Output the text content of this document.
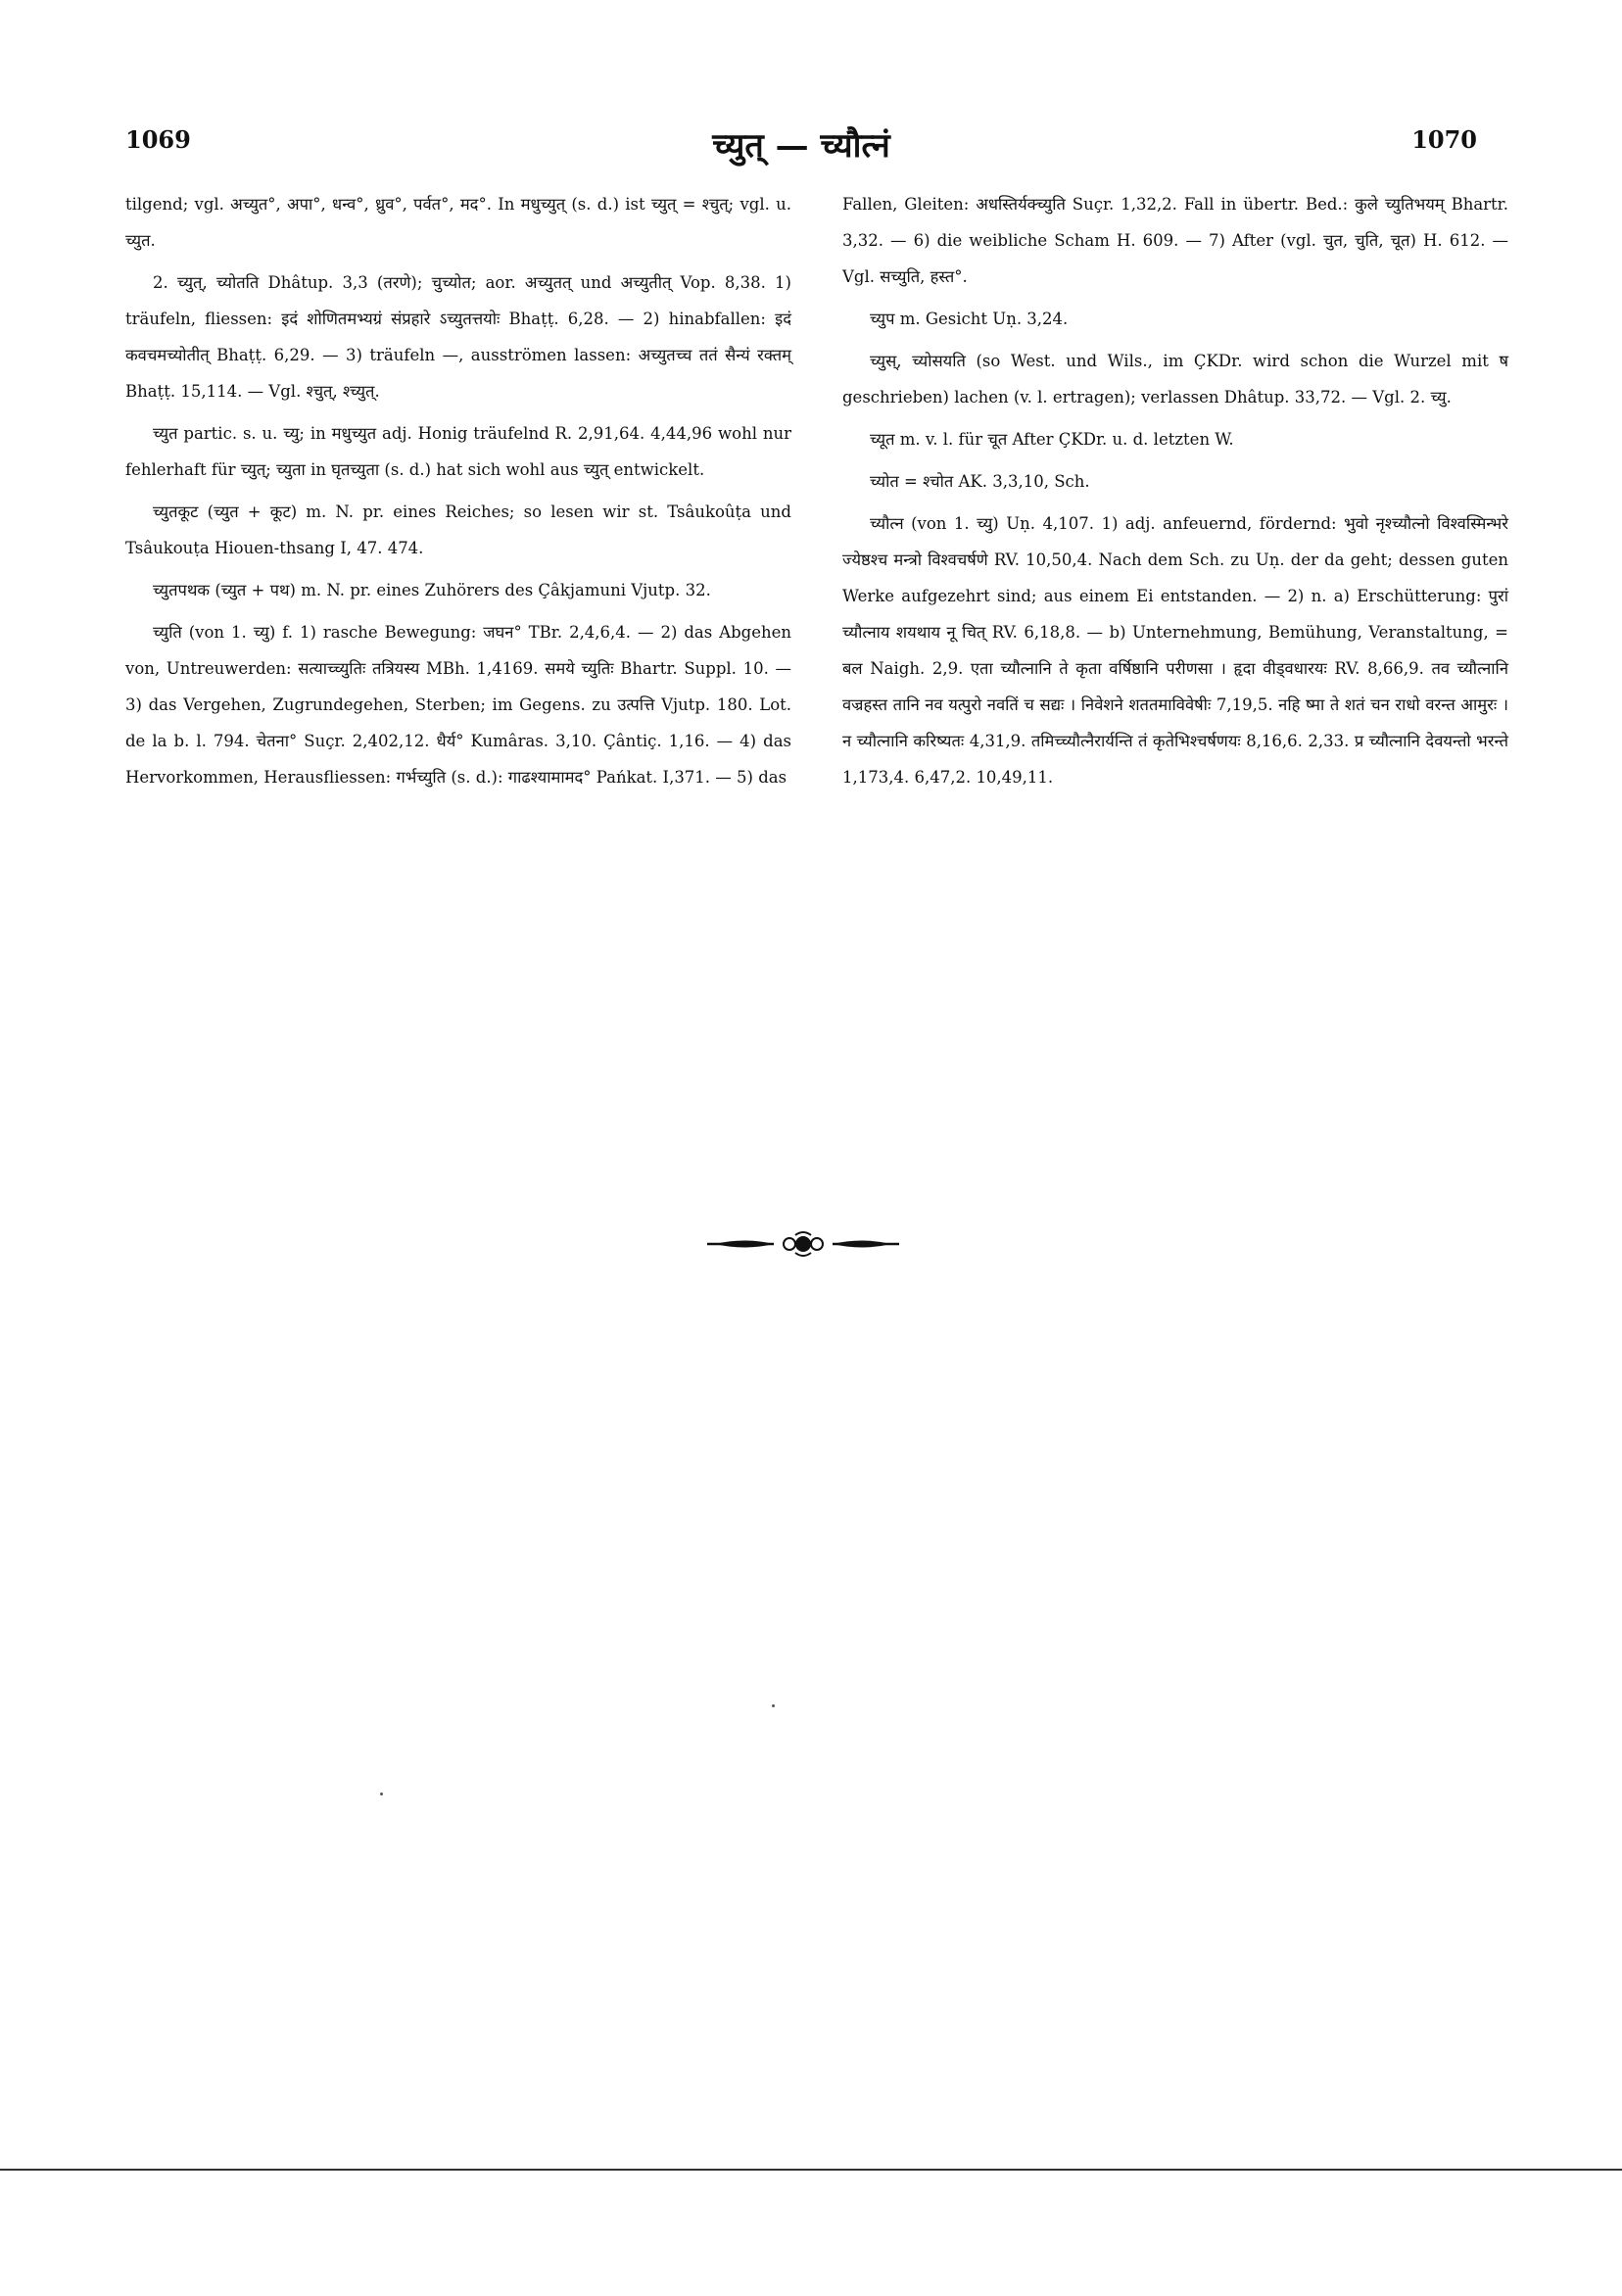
1069	च्युत् — च्यौत्नं	1070

tilgend; vgl. अच्युत°, अपा°, धन्व°, ध्रुव°, पर्वत°, मद°. In मधुच्युत् (s. d.) ist च्युत् = श्चुत्; vgl. u. च्युत.

2. च्युत्, च्योतति Dhâtup. 3,3 (तरणे); चुच्योत; aor. अच्युतत् und अच्युतीत् Vop. 8,38. 1) träufeln, fliessen: इदं शोणितमभ्यग्रं संप्रहारे ऽच्युतत्तयोः Bhaṭṭ. 6,28. — 2) hinabfallen: इदं कवचमच्योतीत् Bhaṭṭ. 6,29. — 3) träufeln —, ausströmen lassen: अच्युतच्च ततं सैन्यं रक्तम् Bhaṭṭ. 15,114. — Vgl. श्चुत्, श्च्युत्.

च्युत partic. s. u. च्यु; in मधुच्युत adj. Honig träufelnd R. 2,91,64. 4,44,96 wohl nur fehlerhaft für च्युत्; च्युता in घृतच्युता (s. d.) hat sich wohl aus च्युत् entwickelt.

च्युतकूट (च्युत + कूट) m. N. pr. eines Reiches; so lesen wir st. Tsâukoûṭa und Tsâukouṭa Hiouen-thsang I, 47. 474.

च्युतपथक (च्युत + पथ) m. N. pr. eines Zuhörers des Çâkjamuni Vjutp. 32.

च्युति (von 1. च्यु) f. 1) rasche Bewegung: जघन° TBr. 2,4,6,4. — 2) das Abgehen von, Untreuwerden: सत्याच्च्युतिः तत्रियस्य MBh. 1,4169. समये च्युतिः Bhartr. Suppl. 10. — 3) das Vergehen, Zugrundegehen, Sterben; im Gegens. zu उत्पत्ति Vjutp. 180. Lot. de la b. l. 794. चेतना° Suçr. 2,402,12. धैर्य° Kumâras. 3,10. Çântiç. 1,16. — 4) das Hervorkommen, Herausfliessen: गर्भच्युति (s. d.): गाढश्यामामद° Pańkat. I,371. — 5) das

Fallen, Gleiten: अधस्तिर्यक्च्युति Suçr. 1,32,2. Fall in übertr. Bed.: कुले च्युतिभयम् Bhartr. 3,32. — 6) die weibliche Scham H. 609. — 7) After (vgl. चुत, चुति, चूत) H. 612. — Vgl. सच्युति, हस्त°.

च्युप m. Gesicht Uṇ. 3,24.

च्युस्, च्योसयति (so West. und Wils., im ÇKDr. wird schon die Wurzel mit ष geschrieben) lachen (v. l. ertragen); verlassen Dhâtup. 33,72. — Vgl. 2. च्यु.

च्यूत m. v. l. für चूत After ÇKDr. u. d. letzten W.

च्योत = श्चोत AK. 3,3,10, Sch.

च्यौत्न (von 1. च्यु) Uṇ. 4,107. 1) adj. anfeuernd, fördernd: भुवो नृश्च्यौत्नो विश्वस्मिन्भरे ज्येष्ठश्च मन्त्रो विश्वचर्षणे RV. 10,50,4. Nach dem Sch. zu Uṇ. der da geht; dessen guten Werke aufgezehrt sind; aus einem Ei entstanden. — 2) n. a) Erschütterung: पुरां च्यौत्नाय शयथाय नू चित् RV. 6,18,8. — b) Unternehmung, Bemühung, Veranstaltung, = बल Naigh. 2,9. एता च्यौत्नानि ते कृता वर्षिष्ठानि परीणसा । हृदा वीड्वधारयः RV. 8,66,9. तव च्यौत्नानि वज्रहस्त तानि नव यत्पुरो नवतिं च सद्यः । निवेशने शततमाविवेषीः 7,19,5. नहि ष्मा ते शतं चन राधो वरन्त आमुरः । न च्यौत्नानि करिष्यतः 4,31,9. तमिच्च्यौत्नैरार्यन्ति तं कृतेभिश्चर्षणयः 8,16,6. 2,33. प्र च्यौत्नानि देवयन्तो भरन्ते 1,173,4. 6,47,2. 10,49,11.
